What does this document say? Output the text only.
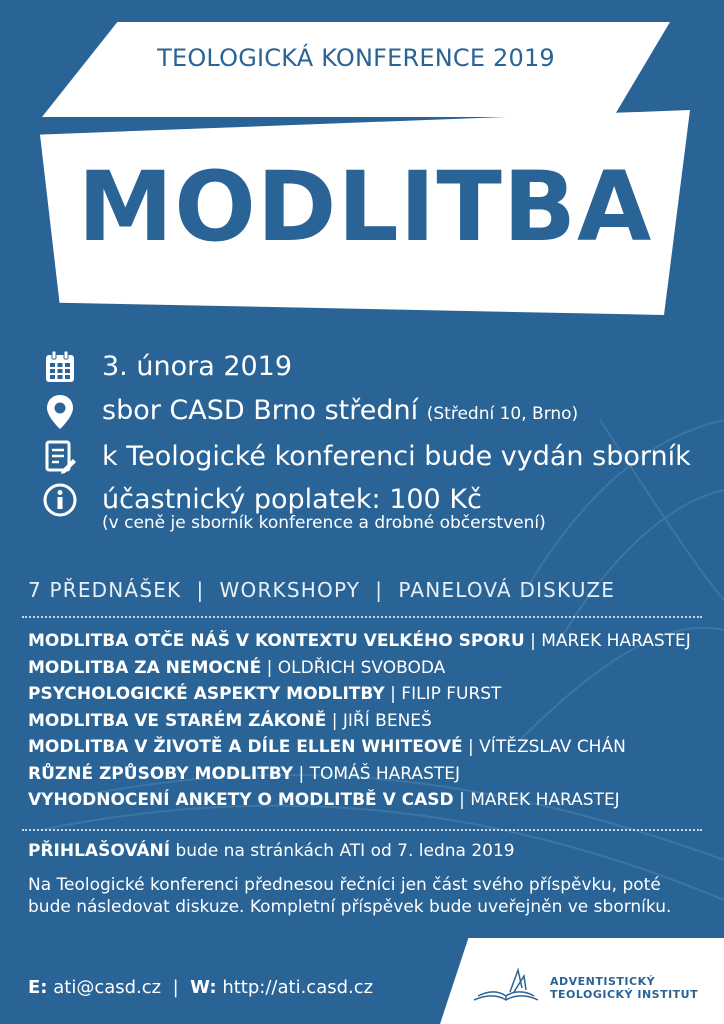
TEOLOGICKÁ KONFERENCE 2019
MODLITBA
3. února 2019
sbor CASD Brno střední (Střední 10, Brno)
k Teologické konferenci bude vydán sborník
účastnický poplatek: 100 Kč
(v ceně je sborník konference a drobné občerstvení)
7 PŘEDNÁŠEK  |  WORKSHOPY  |  PANELOVÁ DISKUZE
MODLITBA OTČE NÁŠ V KONTEXTU VELKÉHO SPORU | MAREK HARASTEJ
MODLITBA ZA NEMOCNÉ | OLDŘICH SVOBODA
PSYCHOLOGICKÉ ASPEKTY MODLITBY | FILIP FURST
MODLITBA VE STARÉM ZÁKONĚ | JIŘÍ BENEŠ
MODLITBA V ŽIVOTĚ A DÍLE ELLEN WHITEOVÉ | VÍTĚZSLAV CHÁN
RŮZNÉ ZPŮSOBY MODLITBY | TOMÁŠ HARASTEJ
VYHODNOCENÍ ANKETY O MODLITBĚ V CASD | MAREK HARASTEJ
PŘIHLAŠOVÁNÍ bude na stránkách ATI od 7. ledna 2019
Na Teologické konferenci přednesou řečníci jen část svého příspěvku, poté bude následovat diskuze. Kompletní příspěvek bude uveřejněn ve sborníku.
E: ati@casd.cz | W: http://ati.casd.cz	ADVENTISTICKÝ
TEOLOGICKÝ INSTITUT
